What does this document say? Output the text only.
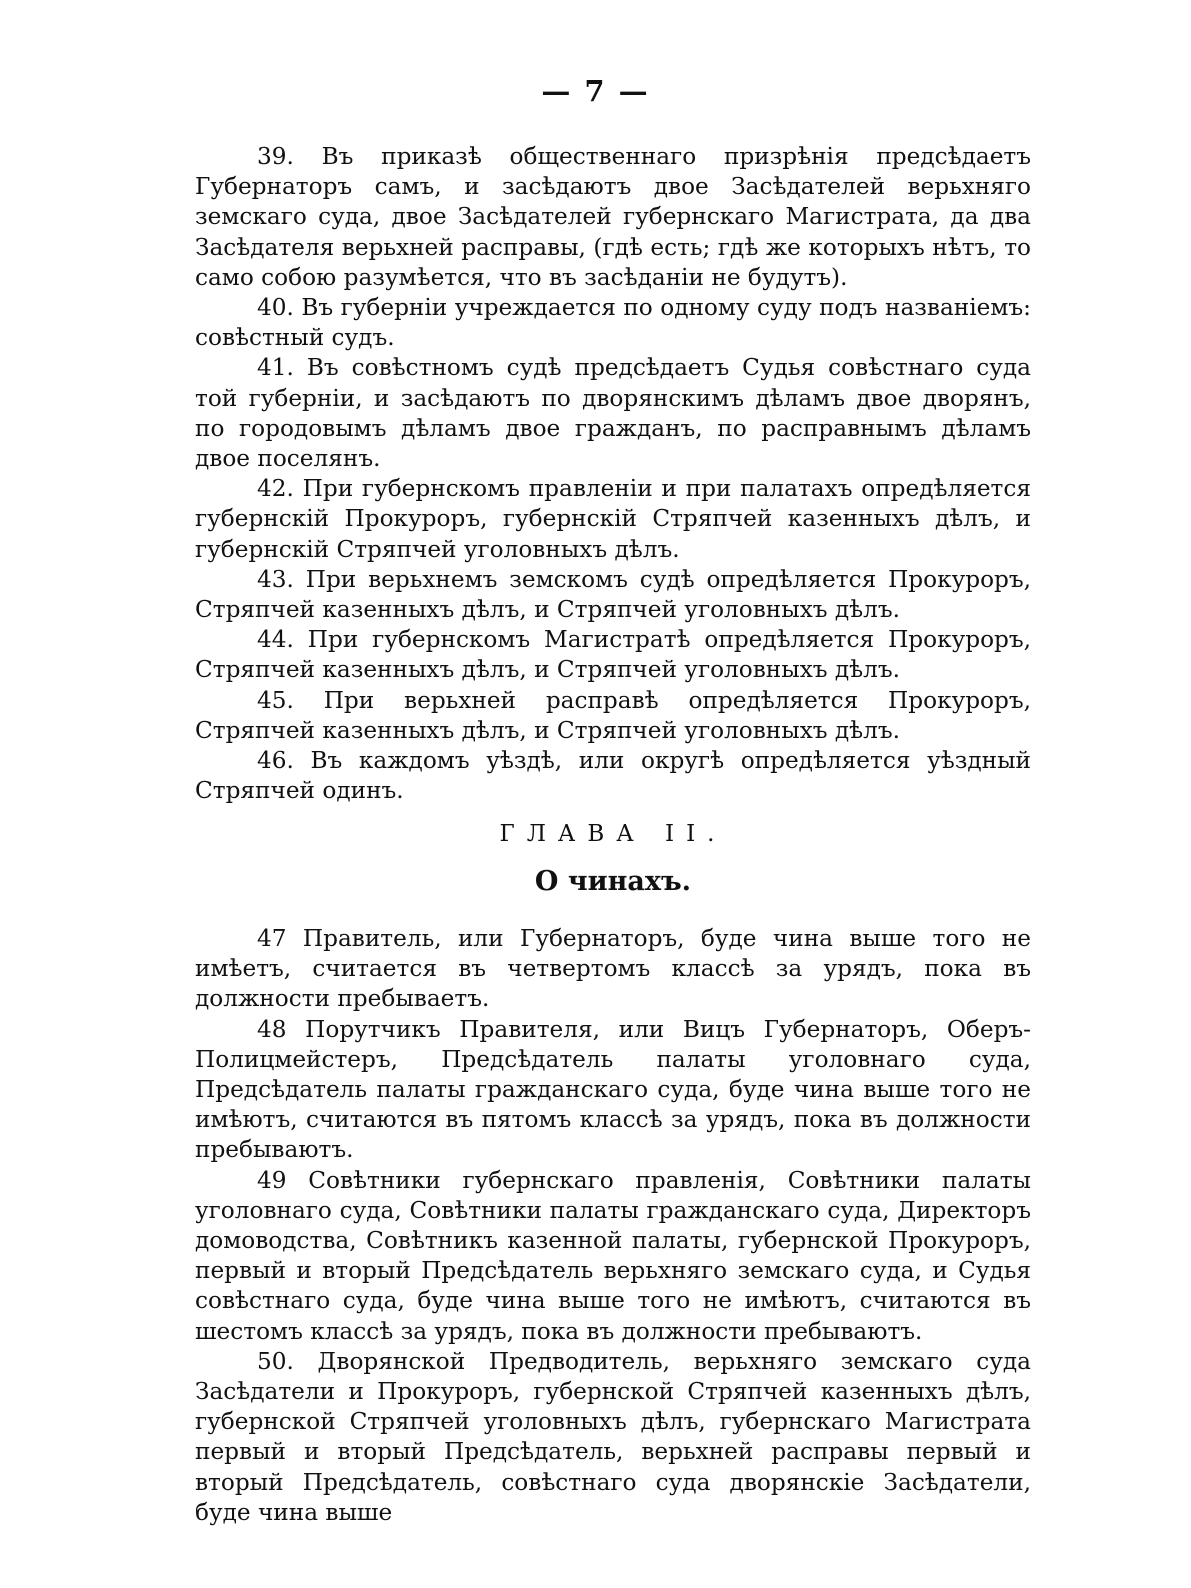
— 7 —

39. Въ приказѣ общественнаго призрѣнія предсѣдаетъ Губернаторъ самъ, и засѣдаютъ двое Засѣдателей верьхняго земскаго суда, двое Засѣдателей губернскаго Магистрата, да два Засѣдателя верьхней расправы, (гдѣ есть; гдѣ же которыхъ нѣтъ, то само собою разумѣется, что въ засѣданіи не будутъ).

40. Въ губерніи учреждается по одному суду подъ названіемъ: совѣстный судъ.

41. Въ совѣстномъ судѣ предсѣдаетъ Судья совѣстнаго суда той губерніи, и засѣдаютъ по дворянскимъ дѣламъ двое дворянъ, по городовымъ дѣламъ двое гражданъ, по расправнымъ дѣламъ двое поселянъ.

42. При губернскомъ правленіи и при палатахъ опредѣляется губернскій Прокуроръ, губернскій Стряпчей казенныхъ дѣлъ, и губернскій Стряпчей уголовныхъ дѣлъ.

43. При верьхнемъ земскомъ судѣ опредѣляется Прокуроръ, Стряпчей казенныхъ дѣлъ, и Стряпчей уголовныхъ дѣлъ.

44. При губернскомъ Магистратѣ опредѣляется Прокуроръ, Стряпчей казенныхъ дѣлъ, и Стряпчей уголовныхъ дѣлъ.

45. При верьхней расправѣ опредѣляется Прокуроръ, Стряпчей казенныхъ дѣлъ, и Стряпчей уголовныхъ дѣлъ.

46. Въ каждомъ уѣздѣ, или округѣ опредѣляется уѣздный Стряпчей одинъ.

ГЛАВА II.
О чинахъ.

47 Правитель, или Губернаторъ, буде чина выше того не имѣетъ, считается въ четвертомъ классѣ за урядъ, пока въ должности пребываетъ.

48 Порутчикъ Правителя, или Вицъ Губернаторъ, Оберъ-Полицмейстеръ, Предсѣдатель палаты уголовнаго суда, Предсѣдатель палаты гражданскаго суда, буде чина выше того не имѣютъ, считаются въ пятомъ классѣ за урядъ, пока въ должности пребываютъ.

49 Совѣтники губернскаго правленія, Совѣтники палаты уголовнаго суда, Совѣтники палаты гражданскаго суда, Директоръ домоводства, Совѣтникъ казенной палаты, губернской Прокуроръ, первый и вторый Предсѣдатель верьхняго земскаго суда, и Судья совѣстнаго суда, буде чина выше того не имѣютъ, считаются въ шестомъ классѣ за урядъ, пока въ должности пребываютъ.

50. Дворянской Предводитель, верьхняго земскаго суда Засѣдатели и Прокуроръ, губернской Стряпчей казенныхъ дѣлъ, губернской Стряпчей уголовныхъ дѣлъ, губернскаго Магистрата первый и вторый Предсѣдатель, верьхней расправы первый и вторый Предсѣдатель, совѣстнаго суда дворянскіе Засѣдатели, буде чина выше
